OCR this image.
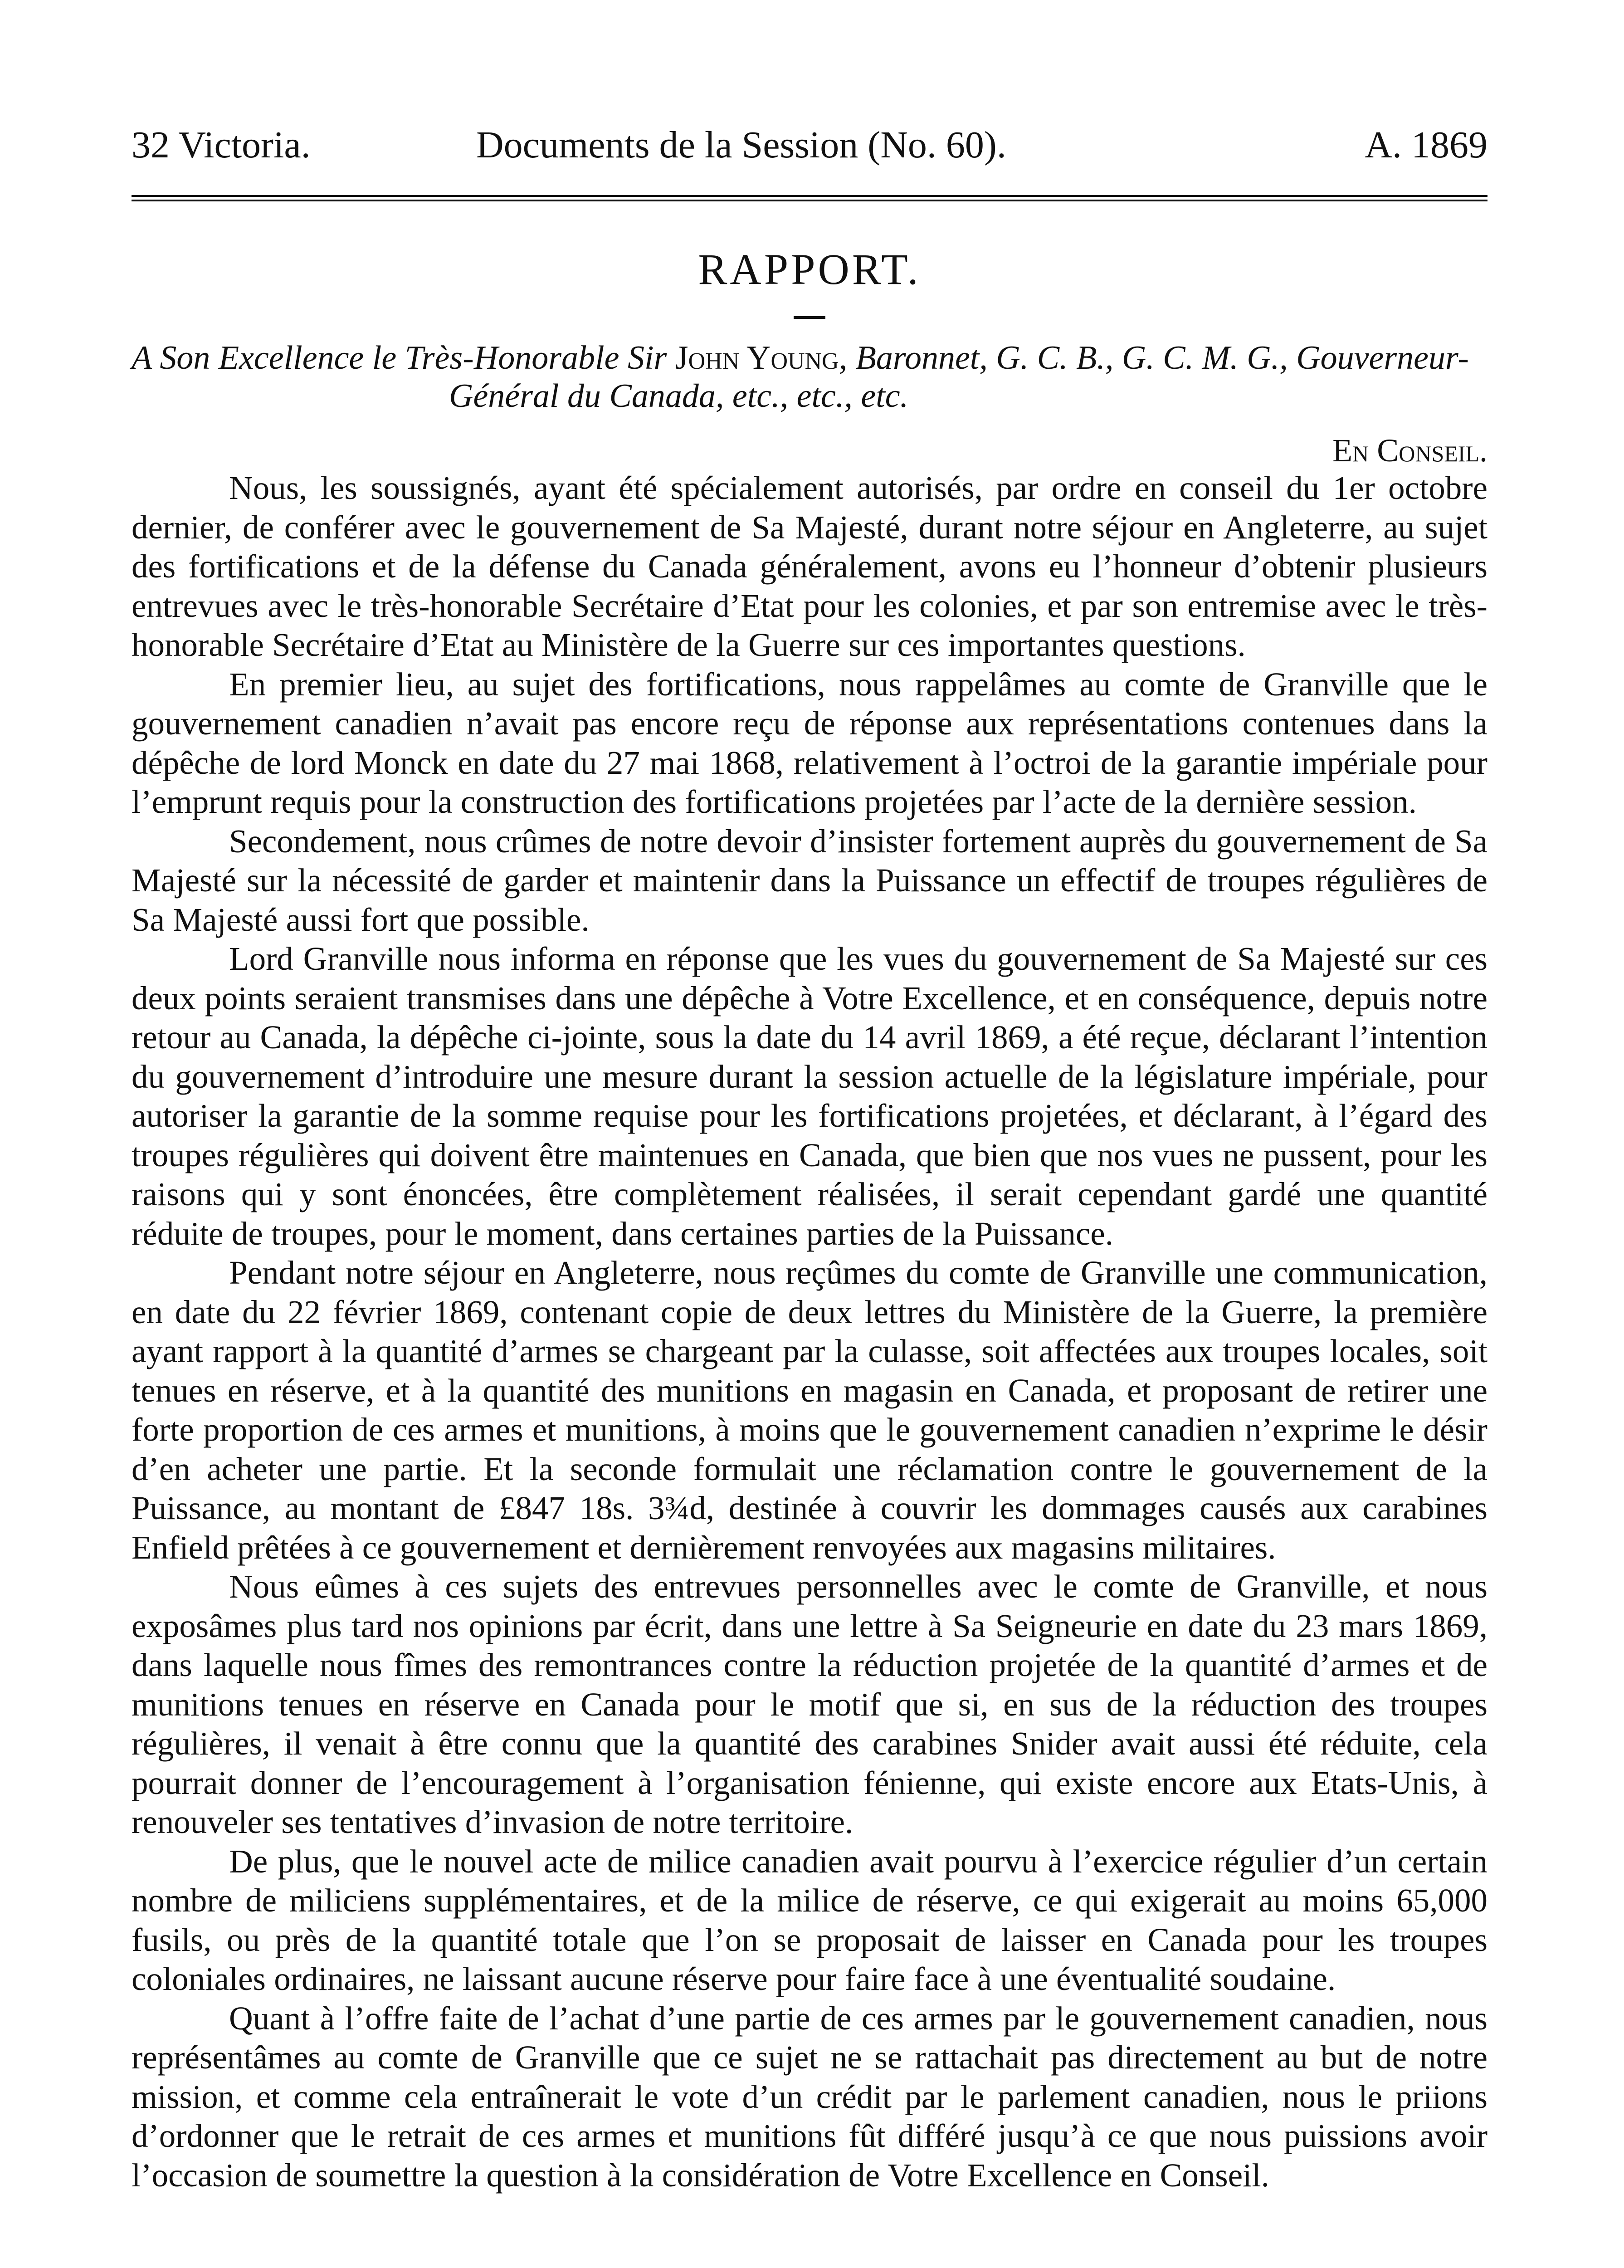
32 Victoria.	Documents de la Session (No. 60).	A. 1869
RAPPORT.
A Son Excellence le Très-Honorable Sir John Young, Baronnet, G. C. B., G. C. M. G., Gouverneur-Général du Canada, etc., etc., etc.
En Conseil.

Nous, les soussignés, ayant été spécialement autorisés, par ordre en conseil du 1er octobre dernier, de conférer avec le gouvernement de Sa Majesté, durant notre séjour en Angleterre, au sujet des fortifications et de la défense du Canada généralement, avons eu l’honneur d’obtenir plusieurs entrevues avec le très-honorable Secrétaire d’Etat pour les colonies, et par son entremise avec le très-honorable Secrétaire d’Etat au Ministère de la Guerre sur ces importantes questions.

En premier lieu, au sujet des fortifications, nous rappelâmes au comte de Granville que le gouvernement canadien n’avait pas encore reçu de réponse aux représentations contenues dans la dépêche de lord Monck en date du 27 mai 1868, relativement à l’octroi de la garantie impériale pour l’emprunt requis pour la construction des fortifications projetées par l’acte de la dernière session.

Secondement, nous crûmes de notre devoir d’insister fortement auprès du gouvernement de Sa Majesté sur la nécessité de garder et maintenir dans la Puissance un effectif de troupes régulières de Sa Majesté aussi fort que possible.

Lord Granville nous informa en réponse que les vues du gouvernement de Sa Majesté sur ces deux points seraient transmises dans une dépêche à Votre Excellence, et en conséquence, depuis notre retour au Canada, la dépêche ci-jointe, sous la date du 14 avril 1869, a été reçue, déclarant l’intention du gouvernement d’introduire une mesure durant la session actuelle de la législature impériale, pour autoriser la garantie de la somme requise pour les fortifications projetées, et déclarant, à l’égard des troupes régulières qui doivent être maintenues en Canada, que bien que nos vues ne pussent, pour les raisons qui y sont énoncées, être complètement réalisées, il serait cependant gardé une quantité réduite de troupes, pour le moment, dans certaines parties de la Puissance.

Pendant notre séjour en Angleterre, nous reçûmes du comte de Granville une communication, en date du 22 février 1869, contenant copie de deux lettres du Ministère de la Guerre, la première ayant rapport à la quantité d’armes se chargeant par la culasse, soit affectées aux troupes locales, soit tenues en réserve, et à la quantité des munitions en magasin en Canada, et proposant de retirer une forte proportion de ces armes et munitions, à moins que le gouvernement canadien n’exprime le désir d’en acheter une partie. Et la seconde formulait une réclamation contre le gouvernement de la Puissance, au montant de £847 18s. 3¾d, destinée à couvrir les dommages causés aux carabines Enfield prêtées à ce gouvernement et dernièrement renvoyées aux magasins militaires.

Nous eûmes à ces sujets des entrevues personnelles avec le comte de Granville, et nous exposâmes plus tard nos opinions par écrit, dans une lettre à Sa Seigneurie en date du 23 mars 1869, dans laquelle nous fîmes des remontrances contre la réduction projetée de la quantité d’armes et de munitions tenues en réserve en Canada pour le motif que si, en sus de la réduction des troupes régulières, il venait à être connu que la quantité des carabines Snider avait aussi été réduite, cela pourrait donner de l’encouragement à l’organisation fénienne, qui existe encore aux Etats-Unis, à renouveler ses tentatives d’invasion de notre territoire.

De plus, que le nouvel acte de milice canadien avait pourvu à l’exercice régulier d’un certain nombre de miliciens supplémentaires, et de la milice de réserve, ce qui exigerait au moins 65,000 fusils, ou près de la quantité totale que l’on se proposait de laisser en Canada pour les troupes coloniales ordinaires, ne laissant aucune réserve pour faire face à une éventualité soudaine.

Quant à l’offre faite de l’achat d’une partie de ces armes par le gouvernement canadien, nous représentâmes au comte de Granville que ce sujet ne se rattachait pas directement au but de notre mission, et comme cela entraînerait le vote d’un crédit par le parlement canadien, nous le priions d’ordonner que le retrait de ces armes et munitions fût différé jusqu’à ce que nous puissions avoir l’occasion de soumettre la question à la considération de Votre Excellence en Conseil.
